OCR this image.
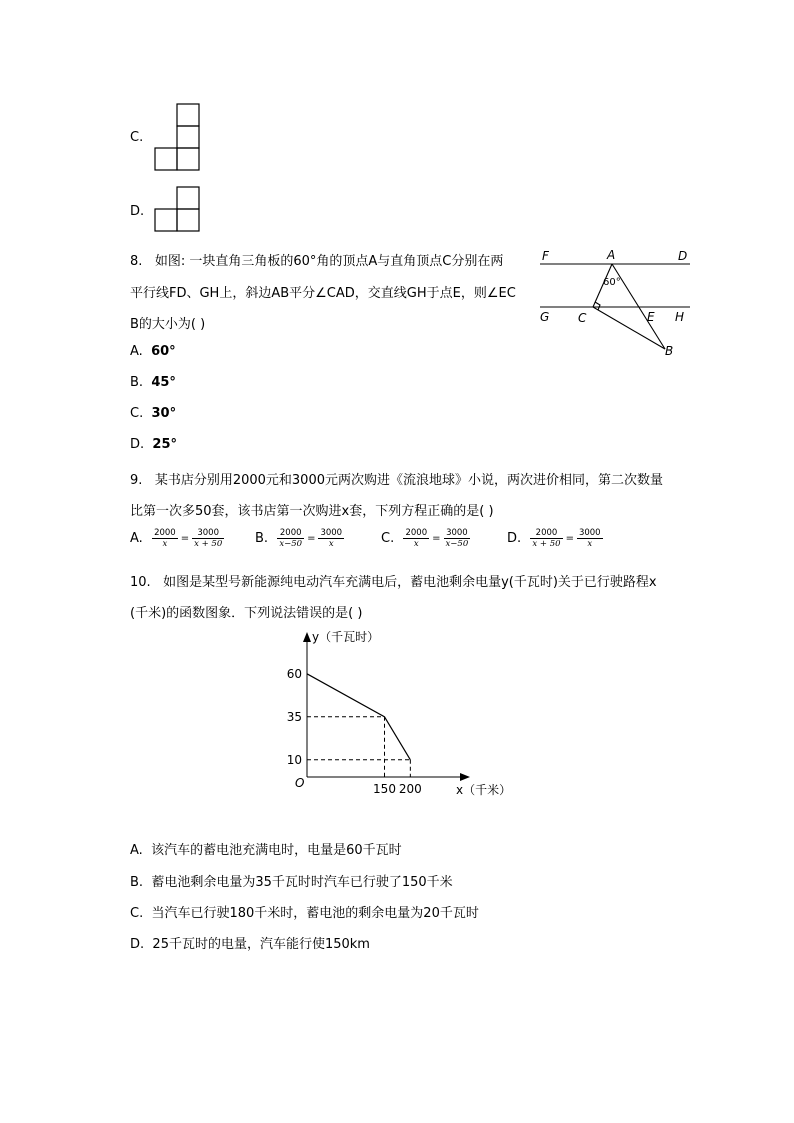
C.
D.
8. 如图: 一块直角三角板的60°角的顶点A与直角顶点C分别在两
平行线FD、GH上，斜边AB平分∠CAD，交直线GH于点E，则∠EC
B的大小为( )
A. 60°
B. 45°
C. 30°
D. 25°
F	A	D
60°
G C	E H
B
9. 某书店分别用2000元和3000元两次购进《流浪地球》小说，两次进价相同，第二次数量
比第一次多50套，该书店第一次购进x套，下列方程正确的是( )
A. $\frac{2000}{x} = \frac{3000}{x + 50} B$. $\frac{2000}{x-50} = \frac{3000}{x}$	C. $\frac{2000}{x} = \frac{3000}{x-50}$	D. $\frac{2000}{x + 50} = \frac{3000}{x}$
10. 如图是某型号新能源纯电动汽车充满电后，蓄电池剩余电量y(千瓦时)关于已行驶路程x
(千米)的函数图象．下列说法错误的是( )
60
35
10
150 200
O	x（千米）
y（千瓦时）
A. 该汽车的蓄电池充满电时，电量是60千瓦时
B. 蓄电池剩余电量为35千瓦时时汽车已行驶了150千米
C. 当汽车已行驶180千米时，蓄电池的剩余电量为20千瓦时
D. 25千瓦时的电量，汽车能行使150km
